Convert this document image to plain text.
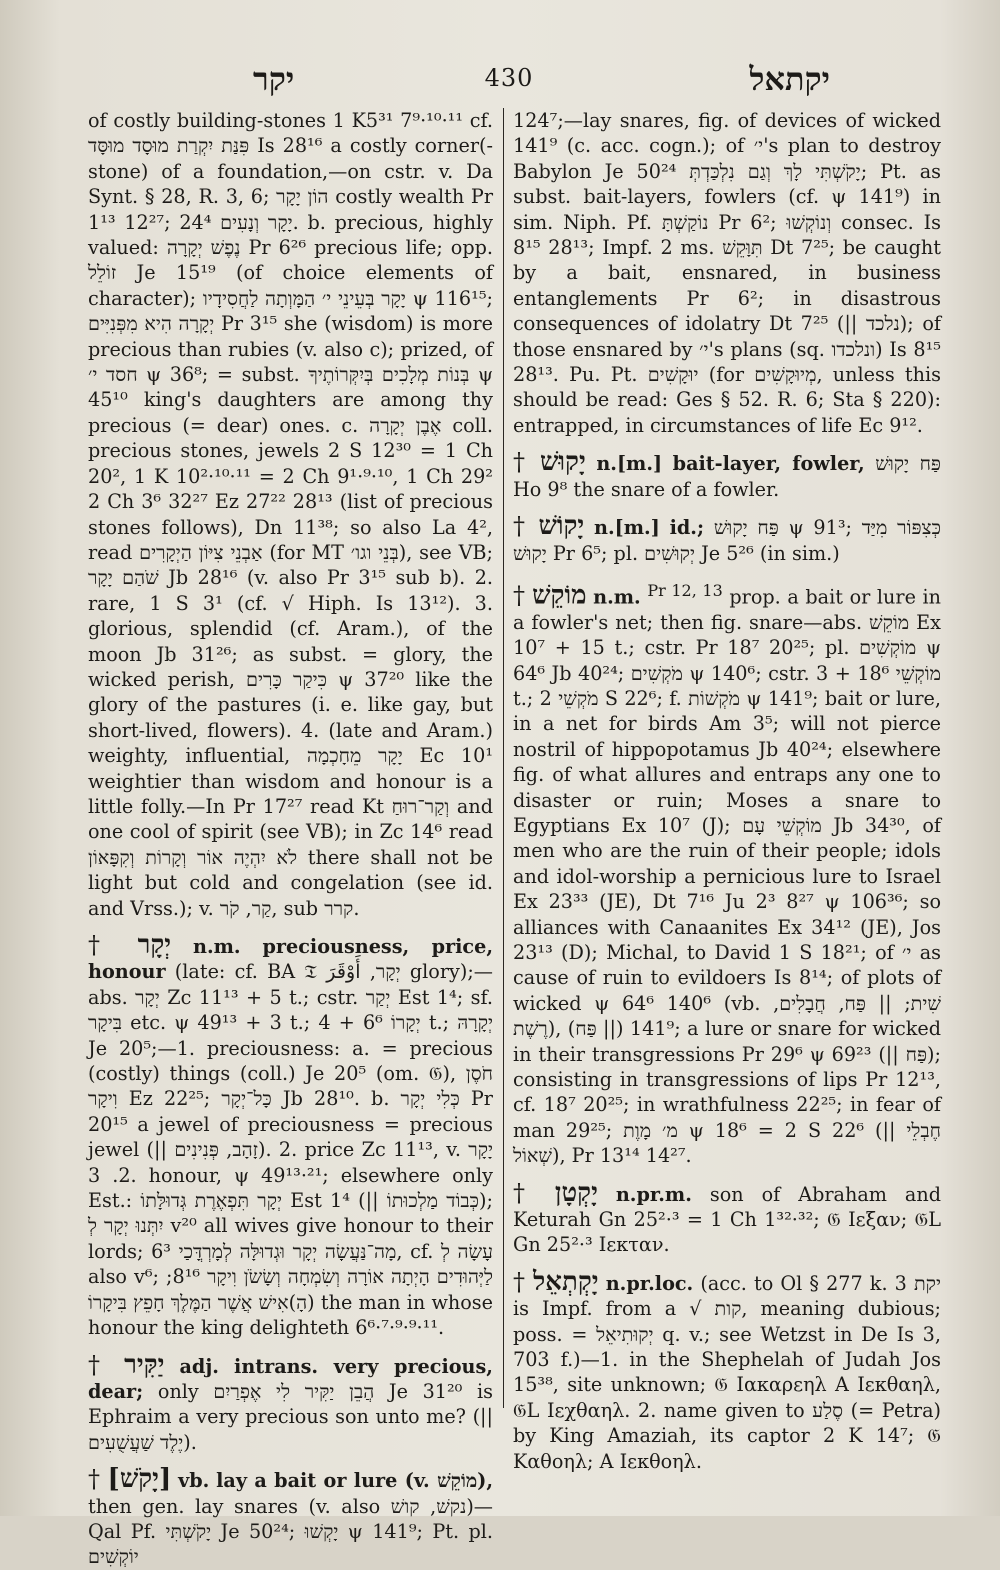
יקר	430	יקתאל

of costly building-stones 1 K5³¹ 7⁹·¹⁰·¹¹ cf. פִּנַּת יִקְרַת מוּסָד מוּסָּד Is 28¹⁶ a costly corner(-stone) of a foundation,—on cstr. v. Da Synt. § 28, R. 3, 6; הוֹן יָקָר costly wealth Pr 1¹³ 12²⁷; יָקָר וְנָעִים 24⁴. b. precious, highly valued: נֶפֶשׁ יְקָרָה Pr 6²⁶ precious life; opp. זוֹלֵל Je 15¹⁹ (of choice elements of character); יָקָר בְּעֵינֵי י׳ הַמָּוְתָה לַחֲסִידָיו ψ 116¹⁵; יְקָרָה הִיא מִפְּנִיִּים Pr 3¹⁵ she (wisdom) is more precious than rubies (v. also c); prized, of חסד י׳ ψ 36⁸; = subst. בְּנוֹת מְלָכִים בְּיִקְּרוֹתֶיךָ ψ 45¹⁰ king's daughters are among thy precious (= dear) ones. c. אֶבֶן יְקָרָה coll. precious stones, jewels 2 S 12³⁰ = 1 Ch 20², 1 K 10²·¹⁰·¹¹ = 2 Ch 9¹·⁹·¹⁰, 1 Ch 29² 2 Ch 3⁶ 32²⁷ Ez 27²² 28¹³ (list of precious stones follows), Dn 11³⁸; so also La 4², read אַבְנֵי צִיּוֹן הַיְקָרִים (for MT בְּנֵי וגו׳), see VB; שֹׁהַם יָקָר Jb 28¹⁶ (v. also Pr 3¹⁵ sub b). 2. rare, 1 S 3¹ (cf. √ Hiph. Is 13¹²). 3. glorious, splendid (cf. Aram.), of the moon Jb 31²⁶; as subst. = glory, the wicked perish, כִּיקַר כָּרִים ψ 37²⁰ like the glory of the pastures (i. e. like gay, but short-lived, flowers). 4. (late and Aram.) weighty, influential, יָקָר מֵחָכְמָה Ec 10¹ weightier than wisdom and honour is a little folly.—In Pr 17²⁷ read Kt וְקַר־רוּחַ and one cool of spirit (see VB); in Zc 14⁶ read לֹא יִהְיֶה אוֹר וְקָרוֹת וְקִפָּאוֹן there shall not be light but cold and congelation (see id. and Vrss.); v. קַר, קֹר, sub קרר.

† יְקָר n.m. preciousness, price, honour (late: cf. BA 𝔗 יְקָר, ﺃَﻭْﻗَﺮَ glory);—abs. יְקָר Zc 11¹³ + 5 t.; cstr. יְקַר Est 1⁴; sf. בִּיקָר etc. ψ 49¹³ + 3 t.; יְקָרוֹ 6⁶ + 4 t.; יְקָרָהּ Je 20⁵;—1. preciousness: a. = precious (costly) things (coll.) Je 20⁵ (om. 𝔊), חֹסֶן וִיקָר Ez 22²⁵; כָּל־יְקָר Jb 28¹⁰. b. כְּלִי יְקָר Pr 20¹⁵ a jewel of preciousness = precious jewel (|| זָהָב, פְּנִינִים). 2. price Zc 11¹³, v. יָקָר 2. 3. honour, ψ 49¹³·²¹; elsewhere only Est.: יְקָר תִּפְאֶרֶת גְּדוּלָּתוֹ Est 1⁴ (|| כְּבוֹד מַלְכוּתוֹ); יִתְּנוּ יְקָר לְ v²⁰ all wives give honour to their lords; מָה־נַּעֲשָׂה יְקָר וּגְדוּלָּה לְמָרְדֳּכַי 6³, cf. עָשָׂה לְ also v⁶; לַיְּהוּדִים הָיְתָה אוֹרָה וְשִׂמְחָה וְשָׂשֹׂן וִיקָר 8¹⁶; (הָ)אִישׁ אֲשֶׁר הַמֶּלֶךְ חָפֵץ בִּיקָרוֹ the man in whose honour the king delighteth 6⁶·⁷·⁹·⁹·¹¹.

† יַקִּיר adj. intrans. very precious, dear; only הֲבֵן יַקִּיר לִי אֶפְרַיִם Je 31²⁰ is Ephraim a very precious son unto me? (|| יֶלֶד שַׁעֲשֻׁעִים).

† [יָקֹשׁ] vb. lay a bait or lure (v. מוֹקֵשׁ), then gen. lay snares (v. also נקשׁ, קושׁ)—Qal Pf. יָקֹשְׁתִּי Je 50²⁴; יָקְשׁוּ ψ 141⁹; Pt. pl. יוֹקְשִׁים

124⁷;—lay snares, fig. of devices of wicked 141⁹ (c. acc. cogn.); of י׳'s plan to destroy Babylon Je 50²⁴ יָקֹשְׁתִּי לָךְ וְגַם נִלְכַּדְתְּ; Pt. as subst. bait-layers, fowlers (cf. ψ 141⁹) in sim. Niph. Pf. נוֹקַשְׁתָּ Pr 6²; וְנוֹקְשׁוּ consec. Is 8¹⁵ 28¹³; Impf. 2 ms. תִּוָּקֵשׁ Dt 7²⁵; be caught by a bait, ensnared, in business entanglements Pr 6²; in disastrous consequences of idolatry Dt 7²⁵ (|| נלכד); of those ensnared by י׳'s plans (sq. ונלכדו) Is 8¹⁵ 28¹³. Pu. Pt. יוּקָשִׁים (for מְיוּקָשִׁים, unless this should be read: Ges § 52. R. 6; Sta § 220): entrapped, in circumstances of life Ec 9¹².

† יָקוּשׁ n.[m.] bait-layer, fowler, פַּח יָקוּשׁ Ho 9⁸ the snare of a fowler.

† יָקוֹשׁ n.[m.] id.; פַּח יָקוּשׁ ψ 91³; כְּצִפּוֹר מִיַּד יָקוּשׁ Pr 6⁵; pl. יְקוּשִׁים Je 5²⁶ (in sim.)

† מוֹקֵשׁ n.m. $^{Pr 12, 13}$ prop. a bait or lure in a fowler's net; then fig. snare—abs. מוֹקֵשׁ Ex 10⁷ + 15 t.; cstr. Pr 18⁷ 20²⁵; pl. מוֹקְשִׁים ψ 64⁶ Jb 40²⁴; מֹקְשִׁים ψ 140⁶; cstr. מוֹקְשֵׁי 18⁶ + 3 t.; מֹקְשֵׁי 2 S 22⁶; f. מֹקְשׁוֹת ψ 141⁹; bait or lure, in a net for birds Am 3⁵; will not pierce nostril of hippopotamus Jb 40²⁴; elsewhere fig. of what allures and entraps any one to disaster or ruin; Moses a snare to Egyptians Ex 10⁷ (J); מוֹקְשֵׁי עָם Jb 34³⁰, of men who are the ruin of their people; idols and idol-worship a pernicious lure to Israel Ex 23³³ (JE), Dt 7¹⁶ Ju 2³ 8²⁷ ψ 106³⁶; so alliances with Canaanites Ex 34¹² (JE), Jos 23¹³ (D); Michal, to David 1 S 18²¹; of י׳ as cause of ruin to evildoers Is 8¹⁴; of plots of wicked ψ 64⁶ 140⁶ (vb. שִׁית; || פַּח, חֲבָלִים, רֶשֶׁת), 141⁹ (|| פַּח); a lure or snare for wicked in their transgressions Pr 29⁶ ψ 69²³ (|| פַּח); consisting in transgressions of lips Pr 12¹³, cf. 18⁷ 20²⁵; in wrathfulness 22²⁵; in fear of man 29²⁵; מ׳ מָוֶת ψ 18⁶ = 2 S 22⁶ (|| חֶבְלֵי שְׁאוֹל), Pr 13¹⁴ 14²⁷.

† יָקְטָן n.pr.m. son of Abraham and Keturah Gn 25²·³ = 1 Ch 1³²·³²; 𝔊 Ιεξαν; 𝔊L Gn 25²·³ Ιεκταν.

† יָקְתְאֵל n.pr.loc. (acc. to Ol § 277 k. 3 יקת is Impf. from a √ קות, meaning dubious; poss. = יְקוּתִיאֵל q. v.; see Wetzst in De Is 3, 703 f.)—1. in the Shephelah of Judah Jos 15³⁸, site unknown; 𝔊 Ιακαρεηλ Α Ιεκθαηλ, 𝔊L Ιεχθαηλ. 2. name given to סֶלַע (= Petra) by King Amaziah, its captor 2 K 14⁷; 𝔊 Καθοηλ; Α Ιεκθοηλ.
